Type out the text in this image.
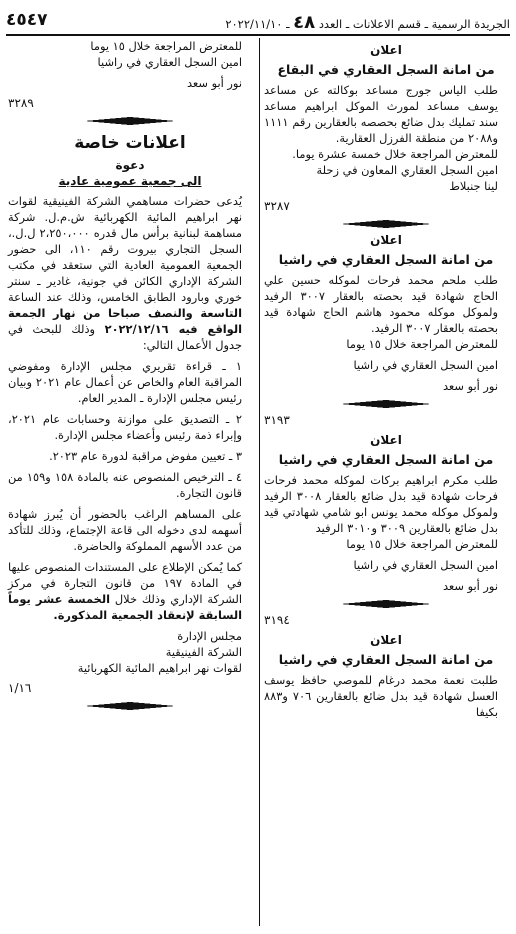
٤٥٤٧	الجريدة الرسمية ـ قسم الاعلانات ـ العدد ٤٨ ـ ٢٠٢٢/١١/١٠
اعلان
من امانة السجل العقاري في البقاع

طلب الياس جورج مساعد بوكالته عن مساعد يوسف مساعد لمورث الموكل ابراهيم مساعد سند تمليك بدل ضائع بحصصه بالعقارين رقم ١١١١ و٢٠٨٨ من منطقة الفرزل العقارية.

للمعترض المراجعة خلال خمسة عشرة يوما.

امين السجل العقاري المعاون في زحلة

لينا جنبلاط

٣٢٨٧
اعلان
من امانة السجل العقاري في راشيا

طلب ملحم محمد فرحات لموكله حسين علي الحاج شهادة قيد بحصته بالعقار ٣٠٠٧ الرفيد ولموكل موكله محمود هاشم الحاج شهادة قيد بحصته بالعقار ٣٠٠٧ الرفيد.

للمعترض المراجعة خلال ١٥ يوما

امين السجل العقاري في راشيا

نور أبو سعد

٣١٩٣
اعلان
من امانة السجل العقاري في راشيا

طلب مكرم ابراهيم بركات لموكله محمد فرحات فرحات شهادة قيد بدل ضائع بالعقار ٣٠٠٨ الرفيد ولموكل موكله محمد يونس ابو شامي شهادتي قيد بدل ضائع بالعقارين ٣٠٠٩ و٣٠١٠ الرفيد

للمعترض المراجعة خلال ١٥ يوما

امين السجل العقاري في راشيا

نور أبو سعد

٣١٩٤
اعلان
من امانة السجل العقاري في راشيا

طلبت نعمة محمد درغام للموصي حافظ يوسف العسل شهادة قيد بدل ضائع بالعقارين ٧٠٦ و٨٨٣ بكيفا

للمعترض المراجعة خلال ١٥ يوما

امين السجل العقاري في راشيا

نور أبو سعد

٣٢٨٩
اعلانات خاصة
دعوة
الى جمعية عمومية عادية

يُدعى حضرات مساهمي الشركة الفينيقية لقوات نهر ابراهيم المائية الكهربائية ش.م.ل. شركة مساهمة لبنانية برأس مال قدره ٢،٢٥٠،٠٠٠ ل.ل.، السجل التجاري بيروت رقم ١١٠، الى حضور الجمعية العمومية العادية التي ستعقد في مكتب الشركة الإداري الكائن في جونية، غادير ـ سنتر خوري وبارود الطابق الخامس، وذلك عند الساعة التاسعة والنصف صباحا من نهار الجمعة الواقع فيه ٢٠٢٢/١٢/١٦ وذلك للبحث في جدول الأعمال التالي:

١ ـ قراءة تقريري مجلس الإدارة ومفوضي المراقبة العام والخاص عن أعمال عام ٢٠٢١ وبيان رئيس مجلس الإدارة ـ المدير العام.

٢ ـ التصديق على موازنة وحسابات عام ٢٠٢١، وإبراء ذمة رئيس وأعضاء مجلس الإدارة.

٣ ـ تعيين مفوض مراقبة لدورة عام ٢٠٢٣.

٤ ـ الترخيص المنصوص عنه بالمادة ١٥٨ و١٥٩ من قانون التجارة.

على المساهم الراغب بالحضور أن يُبرز شهادة أسهمه لدى دخوله الى قاعة الإجتماع، وذلك للتأكد من عدد الأسهم المملوكة والحاضرة.

كما يُمكن الإطلاع على المستندات المنصوص عليها في المادة ١٩٧ من قانون التجارة في مركز الشركة الإداري وذلك خلال الخمسة عشر يوماً السابقة لإنعقاد الجمعية المذكورة.

مجلس الإدارة

الشركة الفينيقية

لقوات نهر ابراهيم المائية الكهربائية

١/١٦
